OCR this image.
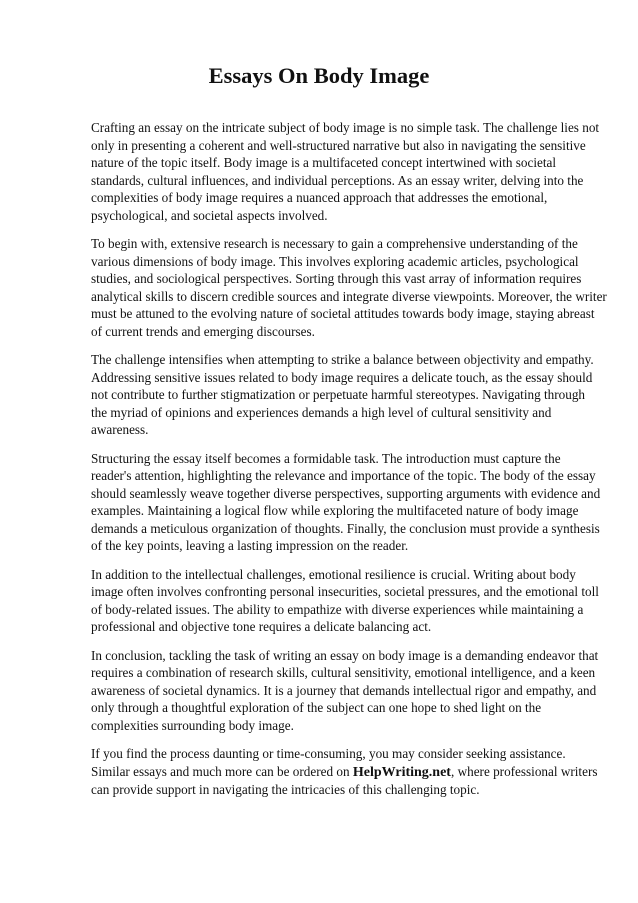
Essays On Body Image

Crafting an essay on the intricate subject of body image is no simple task. The challenge lies not
only in presenting a coherent and well-structured narrative but also in navigating the sensitive
nature of the topic itself. Body image is a multifaceted concept intertwined with societal
standards, cultural influences, and individual perceptions. As an essay writer, delving into the
complexities of body image requires a nuanced approach that addresses the emotional,
psychological, and societal aspects involved.

To begin with, extensive research is necessary to gain a comprehensive understanding of the
various dimensions of body image. This involves exploring academic articles, psychological
studies, and sociological perspectives. Sorting through this vast array of information requires
analytical skills to discern credible sources and integrate diverse viewpoints. Moreover, the writer
must be attuned to the evolving nature of societal attitudes towards body image, staying abreast
of current trends and emerging discourses.

The challenge intensifies when attempting to strike a balance between objectivity and empathy.
Addressing sensitive issues related to body image requires a delicate touch, as the essay should
not contribute to further stigmatization or perpetuate harmful stereotypes. Navigating through
the myriad of opinions and experiences demands a high level of cultural sensitivity and
awareness.

Structuring the essay itself becomes a formidable task. The introduction must capture the
reader's attention, highlighting the relevance and importance of the topic. The body of the essay
should seamlessly weave together diverse perspectives, supporting arguments with evidence and
examples. Maintaining a logical flow while exploring the multifaceted nature of body image
demands a meticulous organization of thoughts. Finally, the conclusion must provide a synthesis
of the key points, leaving a lasting impression on the reader.

In addition to the intellectual challenges, emotional resilience is crucial. Writing about body
image often involves confronting personal insecurities, societal pressures, and the emotional toll
of body-related issues. The ability to empathize with diverse experiences while maintaining a
professional and objective tone requires a delicate balancing act.

In conclusion, tackling the task of writing an essay on body image is a demanding endeavor that
requires a combination of research skills, cultural sensitivity, emotional intelligence, and a keen
awareness of societal dynamics. It is a journey that demands intellectual rigor and empathy, and
only through a thoughtful exploration of the subject can one hope to shed light on the
complexities surrounding body image.

If you find the process daunting or time-consuming, you may consider seeking assistance.
Similar essays and much more can be ordered on HelpWriting.net, where professional writers
can provide support in navigating the intricacies of this challenging topic.
